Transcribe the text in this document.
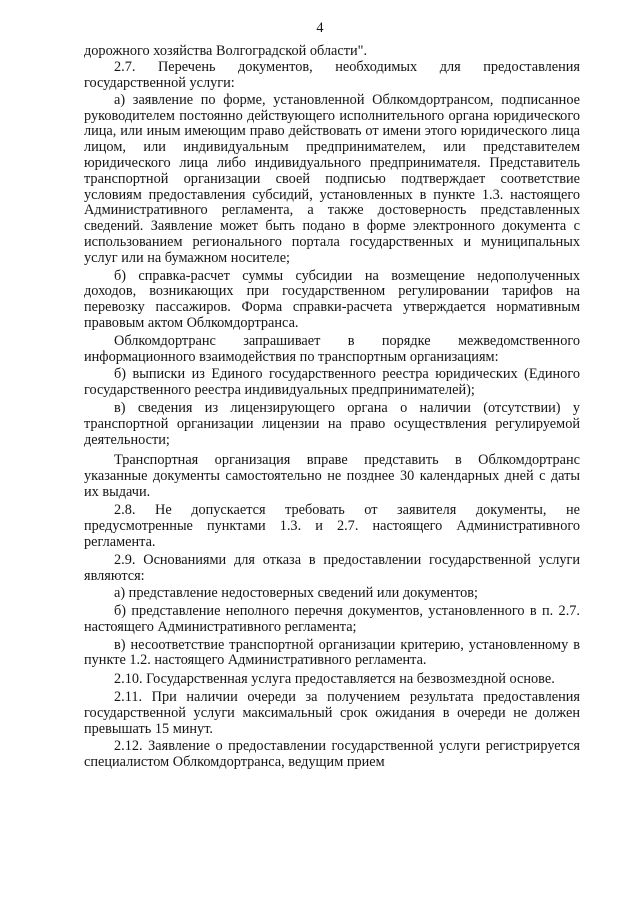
4

дорожного хозяйства Волгоградской области".

2.7. Перечень документов, необходимых для предоставления государственной услуги:

а) заявление по форме, установленной Облкомдортрансом, подписанное руководителем постоянно действующего исполнительного органа юридического лица, или иным имеющим право действовать от имени этого юридического лица лицом, или индивидуальным предпринимателем, или представителем юридического лица либо индивидуального предпринимателя. Представитель транспортной организации своей подписью подтверждает соответствие условиям предоставления субсидий, установленных в пункте 1.3. настоящего Административного регламента, а также достоверность представленных сведений. Заявление может быть подано в форме электронного документа с использованием регионального портала государственных и муниципальных услуг или на бумажном носителе;

б) справка-расчет суммы субсидии на возмещение недополученных доходов, возникающих при государственном регулировании тарифов на перевозку пассажиров. Форма справки-расчета утверждается нормативным правовым актом Облкомдортранса.

Облкомдортранс запрашивает в порядке межведомственного информационного взаимодействия по транспортным организациям:

б) выписки из Единого государственного реестра юридических (Единого государственного реестра индивидуальных предпринимателей);

в) сведения из лицензирующего органа о наличии (отсутствии) у транспортной организации лицензии на право осуществления регулируемой деятельности;

Транспортная организация вправе представить в Облкомдортранс указанные документы самостоятельно не позднее 30 календарных дней с даты их выдачи.

2.8. Не допускается требовать от заявителя документы, не предусмотренные пунктами 1.3. и 2.7. настоящего Административного регламента.

2.9. Основаниями для отказа в предоставлении государственной услуги являются:

а) представление недостоверных сведений или документов;

б) представление неполного перечня документов, установленного в п. 2.7. настоящего Административного регламента;

в) несоответствие транспортной организации критерию, установленному в пункте 1.2. настоящего Административного регламента.

2.10. Государственная услуга предоставляется на безвозмездной основе.

2.11. При наличии очереди за получением результата предоставления государственной услуги максимальный срок ожидания в очереди не должен превышать 15 минут.

2.12. Заявление о предоставлении государственной услуги регистрируется специалистом Облкомдортранса, ведущим прием
